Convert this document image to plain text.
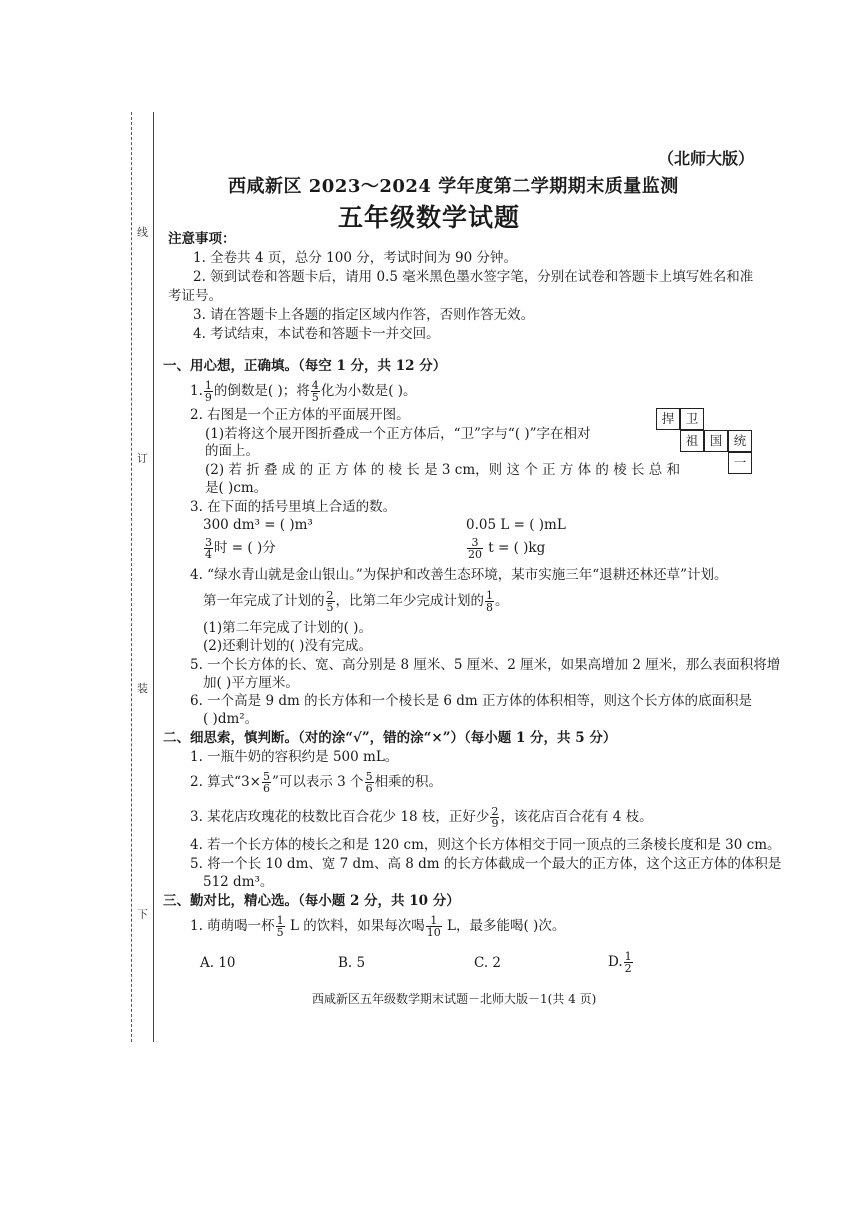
线
订
装
下
（北师大版）
西咸新区 2023～2024 学年度第二学期期末质量监测
五年级数学试题
注意事项：
1. 全卷共 4 页，总分 100 分，考试时间为 90 分钟。
2. 领到试卷和答题卡后，请用 0.5 毫米黑色墨水签字笔，分别在试卷和答题卡上填写姓名和准
考证号。
3. 请在答题卡上各题的指定区域内作答，否则作答无效。
4. 考试结束，本试卷和答题卡一并交回。
一、用心想，正确填。（每空 1 分，共 12 分）
1. $\frac{1}{9}$ 的倒数是( )；将 $\frac{4}{5}$ 化为小数是( )。
2. 右图是一个正方体的平面展开图。
(1)若将这个展开图折叠成一个正方体后，“卫”字与“( )”字在相对
的面上。
(2) 若 折 叠 成 的 正 方 体 的 棱 长 是 3 cm，则 这 个 正 方 体 的 棱 长 总 和
是( )cm。
捍 卫
祖 国 统
一
3. 在下面的括号里填上合适的数。
300 dm³ = ( )m³	0.05 L = ( )mL
$\frac{3}{4}$ 时 = ( )分	$\frac{3}{20}$ t = ( )kg
4. “绿水青山就是金山银山。”为保护和改善生态环境，某市实施三年“退耕还林还草”计划。
第一年完成了计划的 $\frac{2}{5}$ ，比第二年少完成计划的 $\frac{1}{8}$ 。
(1)第二年完成了计划的( )。
(2)还剩计划的( )没有完成。
5. 一个长方体的长、宽、高分别是 8 厘米、5 厘米、2 厘米，如果高增加 2 厘米，那么表面积将增
加( )平方厘米。
6. 一个高是 9 dm 的长方体和一个棱长是 6 dm 正方体的体积相等，则这个长方体的底面积是
( )dm²。
二、细思索，慎判断。（对的涂“√”，错的涂“×”）（每小题 1 分，共 5 分）
1. 一瓶牛奶的容积约是 500 mL。
2. 算式“$3\times \frac{5}{6}$ ”可以表示 3 个 $\frac{5}{6}$ 相乘的积。
3. 某花店玫瑰花的枝数比百合花少 18 枝，正好少 $\frac{2}{9}$ ，该花店百合花有 4 枝。
4. 若一个长方体的棱长之和是 120 cm，则这个长方体相交于同一顶点的三条棱长度和是 30 cm。
5. 将一个长 10 dm、宽 7 dm、高 8 dm 的长方体截成一个最大的正方体，这个这正方体的体积是
512 dm³。
三、勤对比，精心选。（每小题 2 分，共 10 分）
1. 萌萌喝一杯 $\frac{1}{5}$ L 的饮料，如果每次喝 $\frac{1}{10}$ L，最多能喝( )次。
A. 10	B. 5	C. 2	D. $\frac{1}{2}$
西咸新区五年级数学期末试题－北师大版－1(共 4 页)
